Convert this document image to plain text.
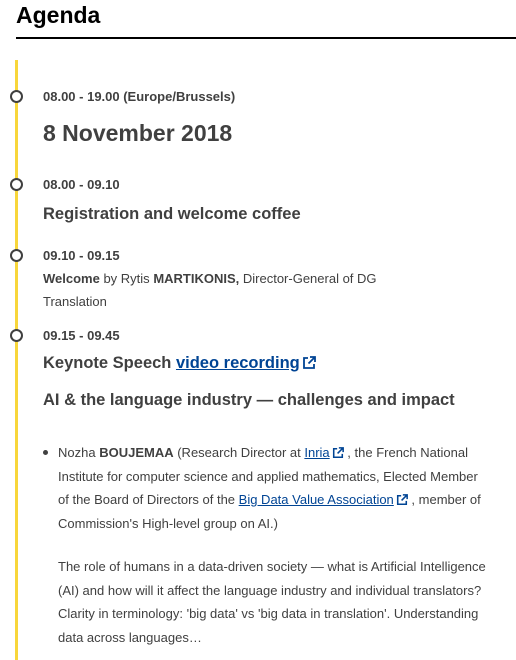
Agenda
08.00 - 19.00 (Europe/Brussels)
8 November 2018
08.00 - 09.10
Registration and welcome coffee
09.10 - 09.15
Welcome by Rytis MARTIKONIS, Director-General of DG Translation
09.15 - 09.45
Keynote Speech video recording
AI & the language industry — challenges and impact
Nozha BOUJEMAA (Research Director at Inria , the French National Institute for computer science and applied mathematics, Elected Member of the Board of Directors of the Big Data Value Association , member of Commission's High-level group on AI.)
The role of humans in a data-driven society — what is Artificial Intelligence (AI) and how will it affect the language industry and individual translators? Clarity in terminology: 'big data' vs 'big data in translation'. Understanding data across languages…
